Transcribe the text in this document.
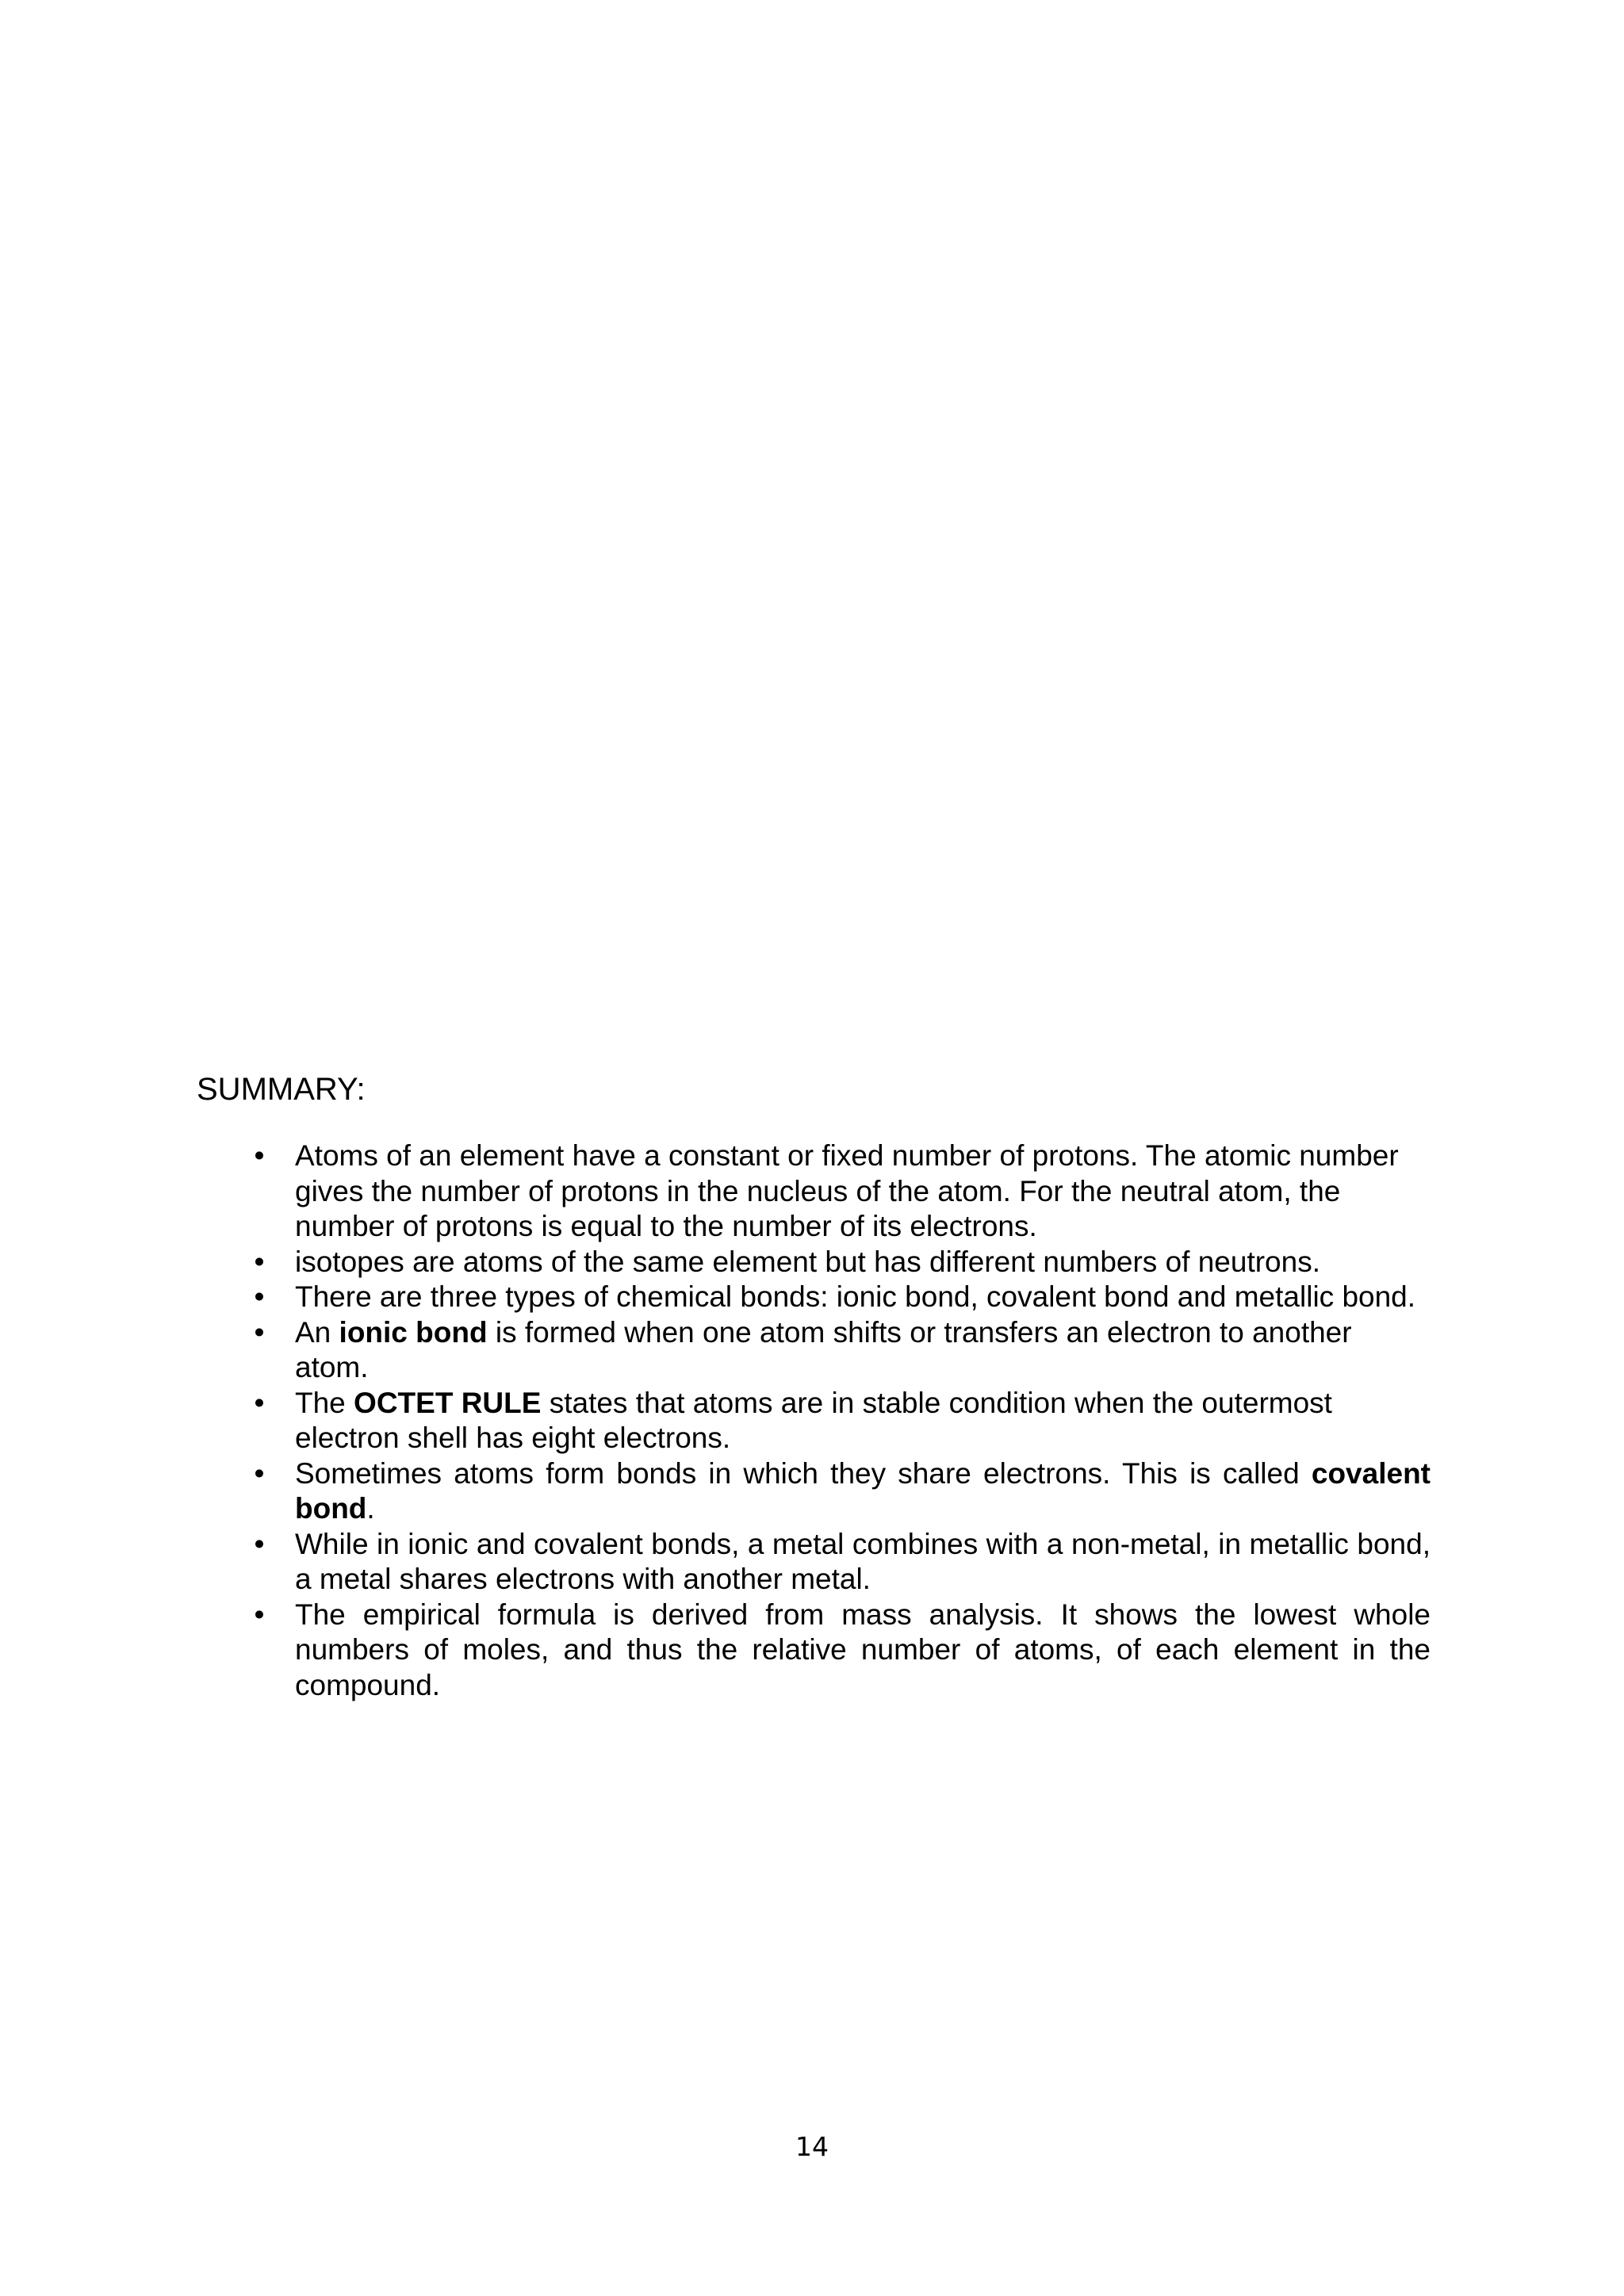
SUMMARY:
• Atoms of an element have a constant or fixed number of protons. The atomic number gives the number of protons in the nucleus of the atom. For the neutral atom, the number of protons is equal to the number of its electrons.
• isotopes are atoms of the same element but has different numbers of neutrons.
• There are three types of chemical bonds: ionic bond, covalent bond and metallic bond.
• An ionic bond is formed when one atom shifts or transfers an electron to another atom.
• The OCTET RULE states that atoms are in stable condition when the outermost electron shell has eight electrons.
• Sometimes atoms form bonds in which they share electrons. This is called covalent bond.
• While in ionic and covalent bonds, a metal combines with a non-metal, in metallic bond, a metal shares electrons with another metal.
• The empirical formula is derived from mass analysis. It shows the lowest whole numbers of moles, and thus the relative number of atoms, of each element in the compound.
14
